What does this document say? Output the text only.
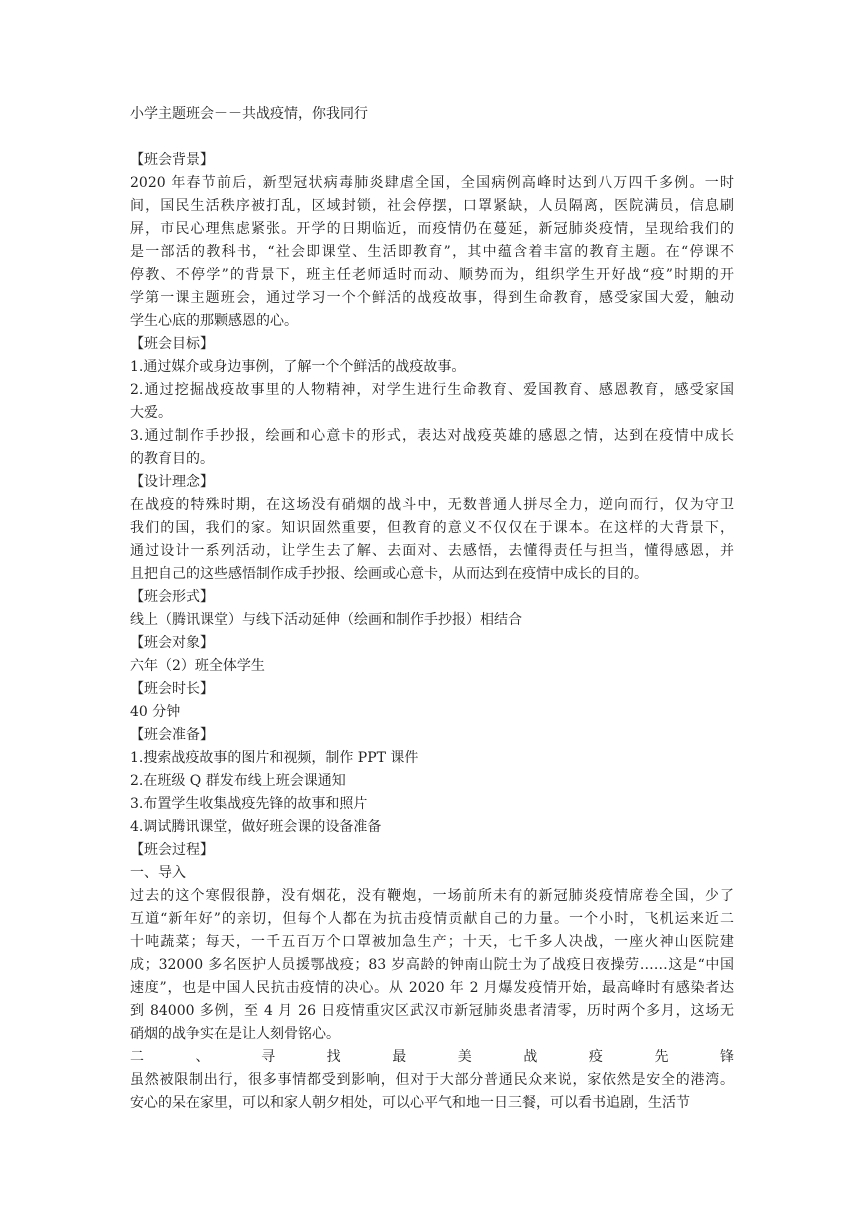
小学主题班会－－共战疫情，你我同行
【班会背景】
2020 年春节前后，新型冠状病毒肺炎肆虐全国，全国病例高峰时达到八万四千多例。一时
间，国民生活秩序被打乱，区域封锁，社会停摆，口罩紧缺，人员隔离，医院满员，信息刷
屏，市民心理焦虑紧张。开学的日期临近，而疫情仍在蔓延，新冠肺炎疫情，呈现给我们的
是一部活的教科书，“社会即课堂、生活即教育”，其中蕴含着丰富的教育主题。在“停课不
停教、不停学”的背景下，班主任老师适时而动、顺势而为，组织学生开好战“疫”时期的开
学第一课主题班会，通过学习一个个鲜活的战疫故事，得到生命教育，感受家国大爱，触动
学生心底的那颗感恩的心。
【班会目标】
1.通过媒介或身边事例，了解一个个鲜活的战疫故事。
2.通过挖掘战疫故事里的人物精神，对学生进行生命教育、爱国教育、感恩教育，感受家国
大爱。
3.通过制作手抄报，绘画和心意卡的形式，表达对战疫英雄的感恩之情，达到在疫情中成长
的教育目的。
【设计理念】
在战疫的特殊时期，在这场没有硝烟的战斗中，无数普通人拼尽全力，逆向而行，仅为守卫
我们的国，我们的家。知识固然重要，但教育的意义不仅仅在于课本。在这样的大背景下，
通过设计一系列活动，让学生去了解、去面对、去感悟，去懂得责任与担当，懂得感恩，并
且把自己的这些感悟制作成手抄报、绘画或心意卡，从而达到在疫情中成长的目的。
【班会形式】
线上（腾讯课堂）与线下活动延伸（绘画和制作手抄报）相结合
【班会对象】
六年（2）班全体学生
【班会时长】
40 分钟
【班会准备】
1.搜索战疫故事的图片和视频，制作 PPT 课件
2.在班级 Q 群发布线上班会课通知
3.布置学生收集战疫先锋的故事和照片
4.调试腾讯课堂，做好班会课的设备准备
【班会过程】
一、导入
过去的这个寒假很静，没有烟花，没有鞭炮，一场前所未有的新冠肺炎疫情席卷全国，少了
互道“新年好”的亲切，但每个人都在为抗击疫情贡献自己的力量。一个小时，飞机运来近二
十吨蔬菜；每天，一千五百万个口罩被加急生产；十天，七千多人决战，一座火神山医院建
成；32000 多名医护人员援鄂战疫；83 岁高龄的钟南山院士为了战疫日夜操劳……这是“中国
速度”，也是中国人民抗击疫情的决心。从 2020 年 2 月爆发疫情开始，最高峰时有感染者达
到 84000 多例，至 4 月 26 日疫情重灾区武汉市新冠肺炎患者清零，历时两个多月，这场无
硝烟的战争实在是让人刻骨铭心。
二、寻找最美战疫先锋
虽然被限制出行，很多事情都受到影响，但对于大部分普通民众来说，家依然是安全的港湾。
安心的呆在家里，可以和家人朝夕相处，可以心平气和地一日三餐，可以看书追剧，生活节
